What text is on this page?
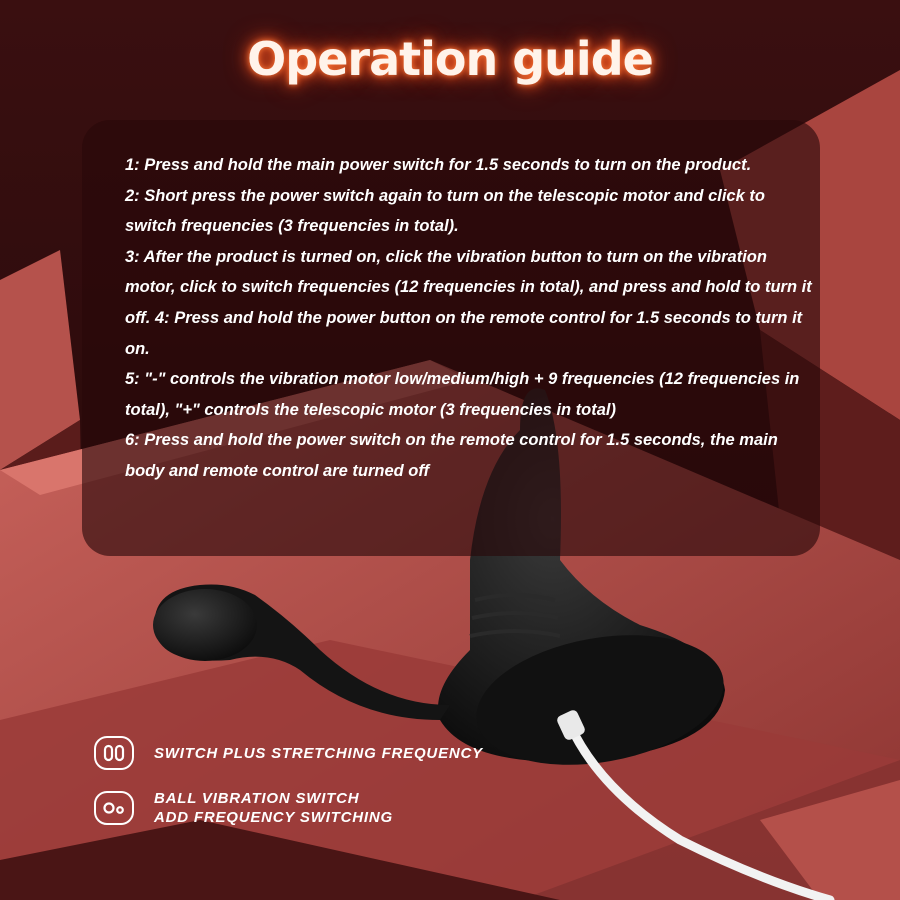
Operation guide

1: Press and hold the main power switch for 1.5 seconds to turn on the product.

2: Short press the power switch again to turn on the telescopic motor and click to switch frequencies (3 frequencies in total).

3: After the product is turned on, click the vibration button to turn on the vibration motor, click to switch frequencies (12 frequencies in total), and press and hold to turn it off. 4: Press and hold the power button on the remote control for 1.5 seconds to turn it on.

5: "-" controls the vibration motor low/medium/high + 9 frequencies (12 frequencies in total), "+" controls the telescopic motor (3 frequencies in total)

6: Press and hold the power switch on the remote control for 1.5 seconds, the main body and remote control are turned off

SWITCH PLUS STRETCHING FREQUENCY
BALL VIBRATION SWITCH
ADD FREQUENCY SWITCHING
